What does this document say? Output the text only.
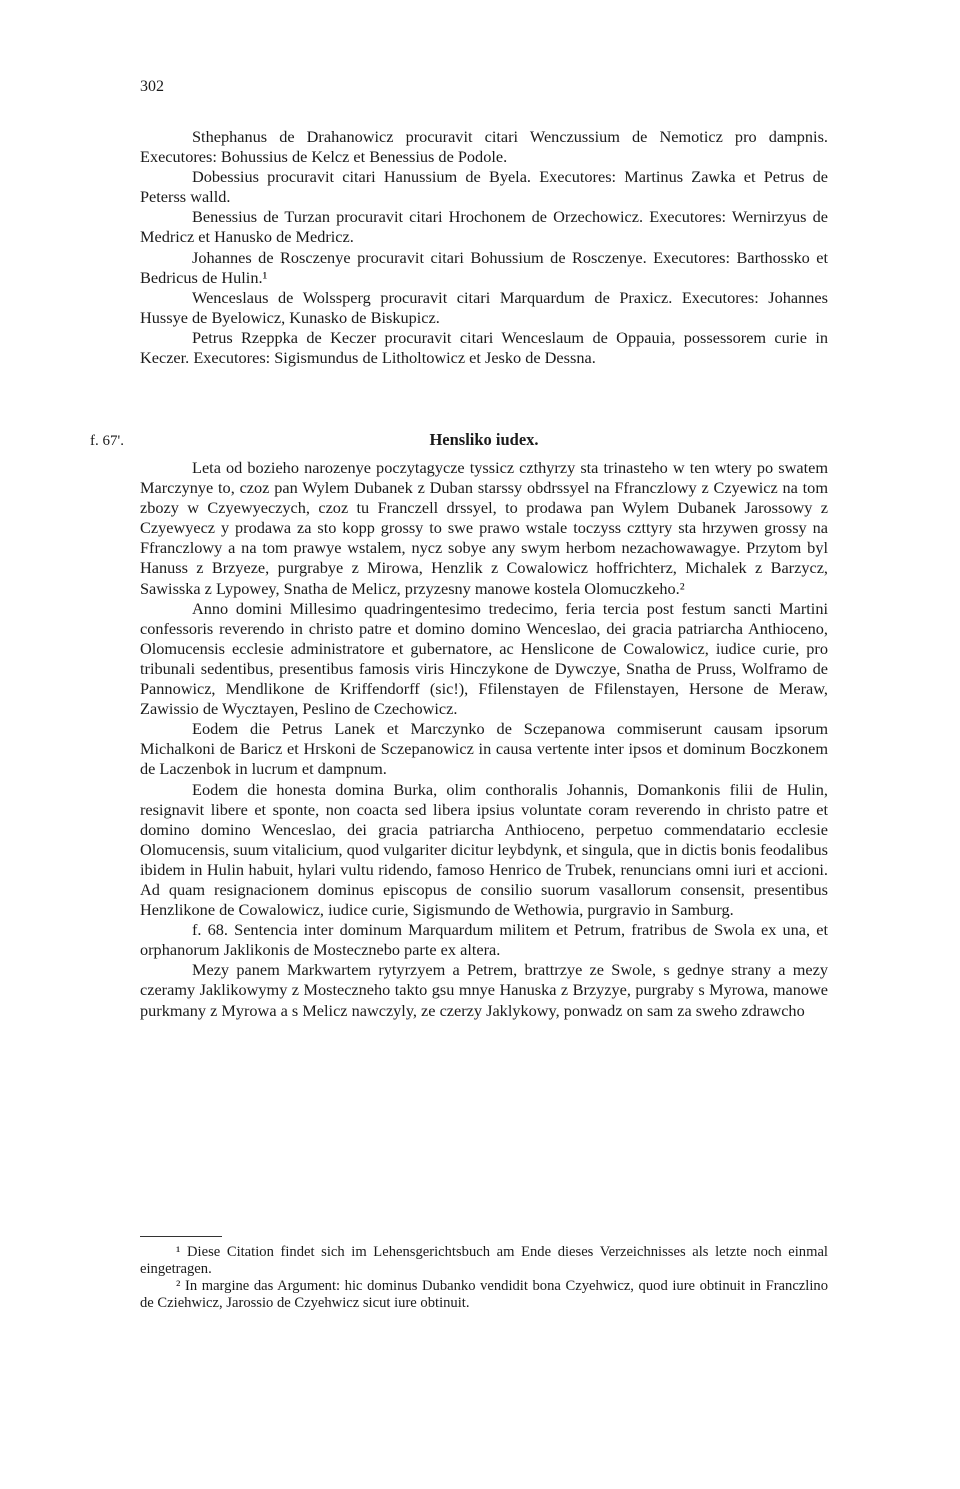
302
f. 67'.

Sthephanus de Drahanowicz procuravit citari Wenczussium de Nemoticz pro dampnis. Executores: Bohussius de Kelcz et Benessius de Podole.

Dobessius procuravit citari Hanussium de Byela. Executores: Martinus Zawka et Petrus de Peterss walld.

Benessius de Turzan procuravit citari Hrochonem de Orzechowicz. Executores: Wernirzyus de Medricz et Hanusko de Medricz.

Johannes de Rosczenye procuravit citari Bohussium de Rosczenye. Executores: Barthossko et Bedricus de Hulin.¹

Wenceslaus de Wolssperg procuravit citari Marquardum de Praxicz. Executores: Johannes Hussye de Byelowicz, Kunasko de Biskupicz.

Petrus Rzeppka de Keczer procuravit citari Wenceslaum de Oppauia, possessorem curie in Keczer. Executores: Sigismundus de Litholtowicz et Jesko de Dessna.

Hensliko iudex.

Leta od bozieho narozenye poczytagycze tyssicz czthyrzy sta trinasteho w ten wtery po swatem Marczynye to, czoz pan Wylem Dubanek z Duban starssy obdrssyel na Ffranczlowy z Czyewicz na tom zbozy w Czyewyeczych, czoz tu Franczell drssyel, to prodawa pan Wylem Dubanek Jarossowy z Czyewyecz y prodawa za sto kopp grossy to swe prawo wstale toczyss czttyry sta hrzywen grossy na Ffranczlowy a na tom prawye wstalem, nycz sobye any swym herbom nezachowawagye. Przytom byl Hanuss z Brzyeze, purgrabye z Mirowa, Henzlik z Cowalowicz hoffrichterz, Michalek z Barzycz, Sawisska z Lypowey, Snatha de Melicz, przyzesny manowe kostela Olomuczkeho.²

Anno domini Millesimo quadringentesimo tredecimo, feria tercia post festum sancti Martini confessoris reverendo in christo patre et domino domino Wenceslao, dei gracia patriarcha Anthioceno, Olomucensis ecclesie administratore et gubernatore, ac Henslicone de Cowalowicz, iudice curie, pro tribunali sedentibus, presentibus famosis viris Hinczykone de Dywczye, Snatha de Pruss, Wolframo de Pannowicz, Mendlikone de Kriffendorff (sic!), Ffilenstayen de Ffilenstayen, Hersone de Meraw, Zawissio de Wycztayen, Peslino de Czechowicz.

Eodem die Petrus Lanek et Marczynko de Sczepanowa commiserunt causam ipsorum Michalkoni de Baricz et Hrskoni de Sczepanowicz in causa vertente inter ipsos et dominum Boczkonem de Laczenbok in lucrum et dampnum.

Eodem die honesta domina Burka, olim conthoralis Johannis, Domankonis filii de Hulin, resignavit libere et sponte, non coacta sed libera ipsius voluntate coram reverendo in christo patre et domino domino Wenceslao, dei gracia patriarcha Anthioceno, perpetuo commendatario ecclesie Olomucensis, suum vitalicium, quod vulgariter dicitur leybdynk, et singula, que in dictis bonis feodalibus ibidem in Hulin habuit, hylari vultu ridendo, famoso Henrico de Trubek, renuncians omni iuri et accioni. Ad quam resignacionem dominus episcopus de consilio suorum vasallorum consensit, presentibus Henzlikone de Cowalowicz, iudice curie, Sigismundo de Wethowia, purgravio in Samburg.

f. 68. Sentencia inter dominum Marquardum militem et Petrum, fratribus de Swola ex una, et orphanorum Jaklikonis de Mostecznebo parte ex altera.

Mezy panem Markwartem rytyrzyem a Petrem, brattrzye ze Swole, s gednye strany a mezy czeramy Jaklikowymy z Mosteczneho takto gsu mnye Hanuska z Brzyzye, purgraby s Myrowa, manowe purkmany z Myrowa a s Melicz nawczyly, ze czerzy Jaklykowy, ponwadz on sam za sweho zdrawcho

¹ Diese Citation findet sich im Lehensgerichtsbuch am Ende dieses Verzeichnisses als letzte noch einmal eingetragen.

² In margine das Argument: hic dominus Dubanko vendidit bona Czyehwicz, quod iure obtinuit in Franczlino de Cziehwicz, Jarossio de Czyehwicz sicut iure obtinuit.
